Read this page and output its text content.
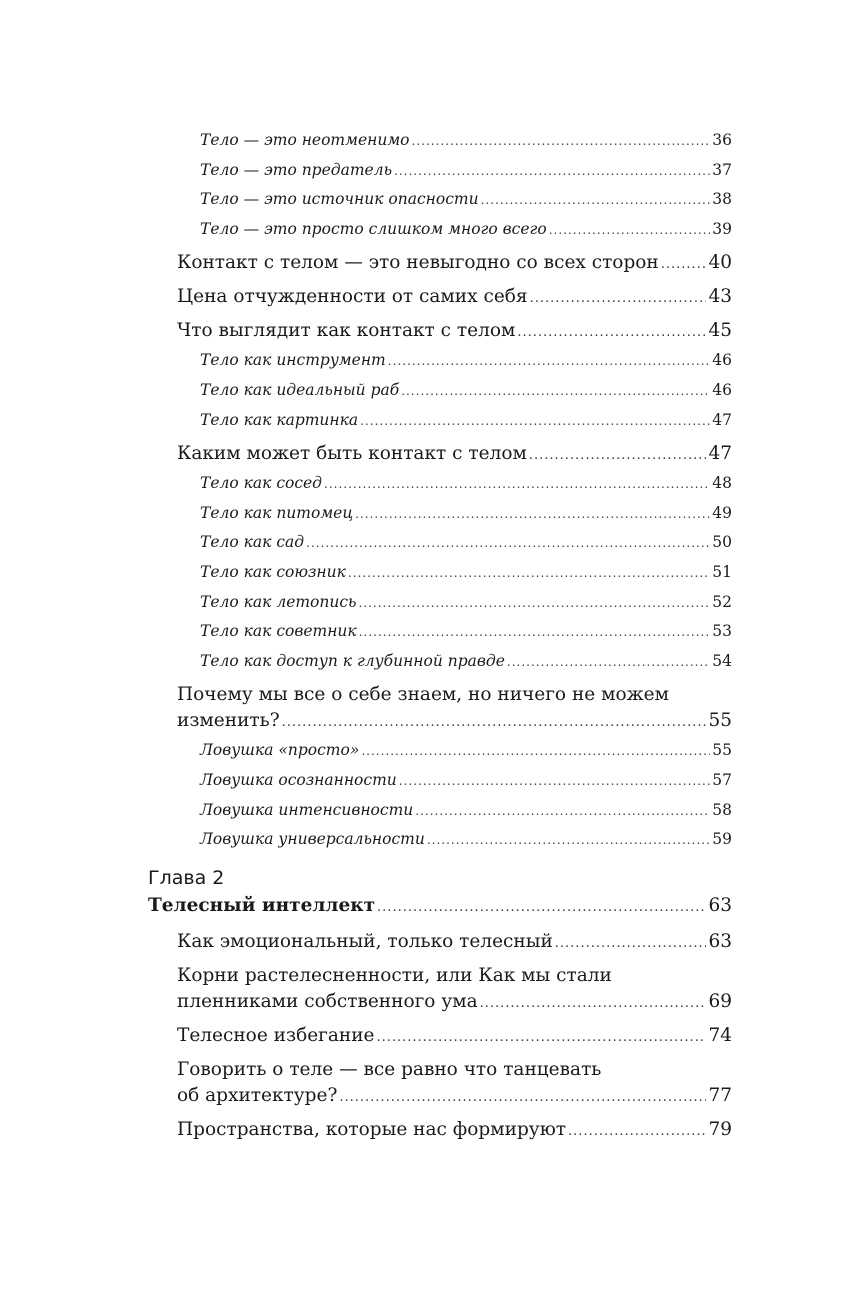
Тело — это неотменимо .....	36
Тело — это предатель .....	37
Тело — это источник опасности .....	38
Тело — это просто слишком много всего .....	39
Контакт с телом — это невыгодно со всех сторон .....	40
Цена отчужденности от самих себя .....	43
Что выглядит как контакт с телом .....	45
Тело как инструмент .....	46
Тело как идеальный раб .....	46
Тело как картинка .....	47
Каким может быть контакт с телом .....	47
Тело как сосед .....	48
Тело как питомец .....	49
Тело как сад .....	50
Тело как союзник .....	51
Тело как летопись .....	52
Тело как советник .....	53
Тело как доступ к глубинной правде .....	54
Почему мы все о себе знаем, но ничего не можем
изменить? .....	55
Ловушка «просто» .....	55
Ловушка осознанности .....	57
Ловушка интенсивности .....	58
Ловушка универсальности .....	59
Глава 2
Телесный интеллект .....	63
Как эмоциональный, только телесный .....	63
Корни растелесненности, или Как мы стали
пленниками собственного ума .....	69
Телесное избегание .....	74
Говорить о теле — все равно что танцевать
об архитектуре? .....	77
Пространства, которые нас формируют .....	79
